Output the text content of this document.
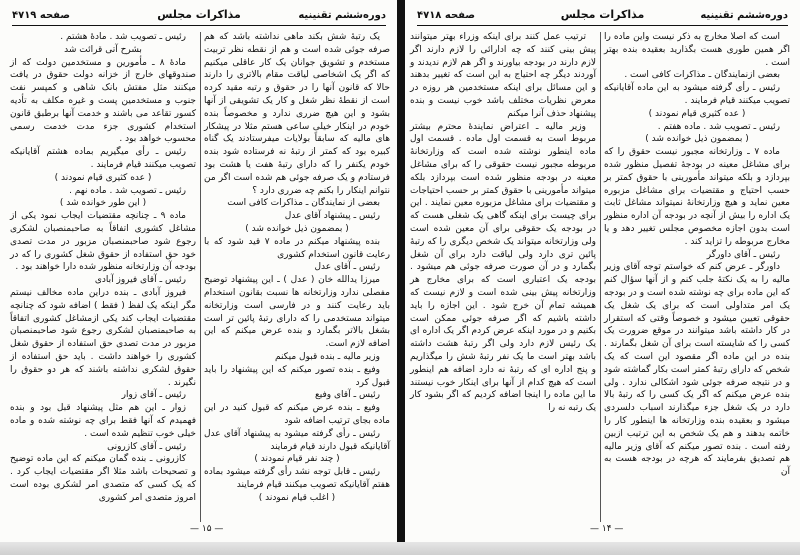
دوره‌ششم تقنینیه
مذاکرات مجلس
صفحه ۴۷۱۹

یک رتبهٔ شش بکند ماهی نداشته باشد که هم صرفه جوئی شده است و هم از نقطه نظر تربیت مستخدم و تشویق جوانان یک کار عاقلی میکنیم که اگر یک اشخاصی لیاقت مقام بالاتری را دارند حالا که قانون آنها را در حقوق و رتبه مقید کرده است از نقطهٔ نظر شغل و کار یک تشویقی از آنها بشود و این هیچ ضرری ندارد و مخصوصاً بنده خودم در اینکار خیلی ساعی هستم مثلا در پیشکار های مالیه که سابقاً بولایات میفرستادند یک گناه کبیره بود که کمتر از رتبهٔ نه فرستاده شود بنده خودم یکنفر را که دارای رتبهٔ هفت یا هشت بود فرستادم و یک صرفه جوئی هم شده است اگر من نتوانم اینکار را بکنم چه ضرری دارد ؟

بعضی از نمایندگان ـ مذاکرات کافی است

رئیس ـ پیشنهاد آقای عدل

( بمضمون ذیل خوانده شد )

بنده پیشنهاد میکنم در ماده ۷ قید شود که با رعایت قانون استخدام کشوری

رئیس ـ آقای عدل

میرزا یدالله خان ( عدل ) ـ این پیشنهاد توضیح مفصلی ندارد وزارتخانه ها نسبت بقانون استخدام باید رعایت کنند و در فارسی است وزارتخانه میتواند مستخدمی را که دارای رتبهٔ پائین تر است بشغل بالاتر بگمارد و بنده عرض میکنم که این اضافه لازم است.

وزیر مالیه ـ بنده قبول میکنم

وفیع ـ بنده تصور میکنم که این پیشنهاد را باید قبول کرد

رئیس ـ آقای وفیع

وفیع ـ بنده عرض میکنم که قبول کنید در این ماده بجای ترتیب اضافه شود

رئیس ـ رأی گرفته میشود به پیشنهاد آقای عدل آقایانیکه قبول دارند قیام فرمایند

( چند نفر قیام نمودند )

رئیس ـ قابل توجه نشد رأی گرفته میشود بماده هفتم آقایانیکه تصویب میکنند قیام فرمایند

( اغلب قیام نمودند )

رئیس ـ تصویب شد . مادهٔ هشتم .

بشرح آتی قرائت شد

مادهٔ ۸ ـ مأمورین و مستخدمین دولت که از صندوقهای خارج از خزانه دولت حقوق در یافت میکنند مثل مفتش بانک شاهی و کمپسر نفت جنوب و مستخدمین پست و غیره مکلف به تأدیه کسور تقاعد می باشند و خدمت آنها برطبق قانون استخدام کشوری جزء مدت خدمت رسمی محسوب خواهد بود .

رئیس ـ رأی میگیریم بماده هشتم آقایانیکه تصویب میکنند قیام فرمایند .

( عده کثیری قیام نمودند )

رئیس ـ تصویب شد . ماده نهم .

( این طور خوانده شد )

ماده ۹ ـ چنانچه مقتضیات ایجاب نمود یکی از مشاغل کشوری اتفاقاً به صاحبمنصبان لشکری رجوع شود صاحبمنصبان مزبور در مدت تصدی خود حق استفاده از حقوق شغل کشوری را که در بودجه آن وزارتخانه منظور شده دارا خواهند بود .

رئیس ـ آقای فیروز آبادی

فیروز آبادی ـ بنده دراین ماده مخالف نیستم مگر اینکه یک لفظ ( فقط ) اضافه شود که چنانچه مقتضیات ایجاب کند یکی ازمشاغل کشوری اتفاقاً به صاحبمنصبان لشکری رجوع شود صاحبمنصبان مزبور در مدت تصدی حق استفاده از حقوق شغل کشوری را خواهند داشت . باید حق استفاده از حقوق لشکری نداشته باشند که هر دو حقوق را نگیرند .

رئیس ـ آقای زوار

زوار ـ این هم مثل پیشنهاد قبل بود و بنده فهمیدم که آنها فقط برای چه نوشته شده و ماده خیلی خوب تنظیم شده است .

رئیس ـ آقای کازرونی

کازرونی ـ بنده گمان میکنم که این ماده توضیح و تصحیحات باشد مثلا اگر مقتضیات ایجاب کرد . که یک کسی که متصدی امر لشکری بوده است امروز متصدی امر کشوری

— ۱۵ —
دوره‌ششم تقنینیه
مذاکرات مجلس
صفحه ۴۷۱۸

است که اصلا مخارج به ذکر نیست واین ماده را اگر همین طوری هست بگذارید بعقیده بنده بهتر است .

بعضی ازنمایندگان ـ مذاکرات کافی است .

رئیس ـ رأی گرفته میشود به این ماده آقایانیکه تصویب میکنند قیام فرمایند .

( عده کثیری قیام نمودند )

رئیس ـ تصویب شد . ماده هفتم .

( بمضمون ذیل خوانده شد )

ماده ۷ ـ وزارتخانه مجبور نیست حقوق را که برای مشاغل معینه در بودجهٔ تفصیل منظور شده بپردازد و بلکه میتواند مأمورینی با حقوق کمتر بر حسب احتیاج و مقتضیات برای مشاغل مزبوره معین نماید و هیچ وزارتخانهٔ نمیتواند مشاغل ثابت یک اداره را بیش از آنچه در بودجه آن اداره منظور است بدون اجازه مخصوص مجلس تغییر دهد و یا مخارج مربوطه را تزاید کند .

رئیس ـ آقای داورگر

داورگر ـ عرض کنم که خواستم توجه آقای وزیر مالیه را به یک نکتهٔ جلب کنم و از آنها سؤال کنم که این ماده برای چه نوشته شده است و در بودجه یک امر متداولی است که برای یک شغل یک حقوقی تعیین میشود و خصوصاً وقتی که استقرار در کار داشته باشد میتوانند در موقع ضرورت یک کسی را که شایسته است برای آن شغل بگمارند . بنده در این ماده اگر مقصود این است که یک شخص که دارای رتبهٔ کمتر است بکار گماشته شود و در نتیجه صرفه جوئی شود اشکالی ندارد . ولی بنده عرض میکنم که اگر یک کسی را که رتبهٔ بالا دارد در یک شغل جزء میگذارند اسباب دلسردی میشود و بعقیده بنده وزارتخانه ها اینطور کار را خاتمه بدهند و هم یک شخص به این ترتیب ازبین رفته است . بنده تصور میکنم که آقای وزیر مالیه هم تصدیق بفرمایند که هرچه در بودجه هست به آن

ترتیب عمل کنند برای اینکه وزراء بهتر میتوانند پیش بینی کنند که چه ادارائی را لازم دارند اگر لازم دارند در بودجه بیاورند و اگر هم لازم ندیدند و آوردند دیگر چه احتیاج به این است که تغییر بدهند و این مسائل برای اینکه مستخدمین هر روزه در معرض نظریات مختلف باشد خوب نیست و بنده پیشنهاد حذف آنرا میکنم

وزیر مالیه ـ اعتراض نمایندهٔ محترم بیشتر مربوط است به قسمت اول ماده . قسمت اول ماده اینطور نوشته شده است که وزارتخانهٔ مربوطه مجبور نیست حقوقی را که برای مشاغل معینه در بودجه منظور شده است بپردازد بلکه میتواند مأمورینی با حقوق کمتر بر حسب احتیاجات و مقتضیات برای مشاغل مزبوره معین نمایند . این برای چیست برای اینکه گاهی یک شغلی هست که در بودجه یک حقوقی برای آن معین شده است ولی وزارتخانه میتواند یک شخص دیگری را که رتبهٔ پائین تری دارد ولی لیاقت دارد برای آن شغل بگمارد و در آن صورت صرفه جوئی هم میشود . بودجه یک اعتباری است که برای مخارج هر وزارتخانه پیش بینی شده است و لازم نیست که همیشه تمام آن خرج شود . این اجازه را باید داشته باشیم که اگر صرفه جوئی ممکن است بکنیم و در مورد اینکه عرض کردم اگر یک اداره ای یک رئیس لازم دارد ولی اگر رتبهٔ هشت داشته باشد بهتر است ما یک نفر رتبهٔ شش را میگذاریم و پنج اداره ای که رتبهٔ نه دارد اضافه هم اینطور است که هیچ کدام از آنها برای اینکار خوب نیستند ما این ماده را اینجا اضافه کردیم که اگر بشود کار یک رتبه نه را

— ۱۴ —
